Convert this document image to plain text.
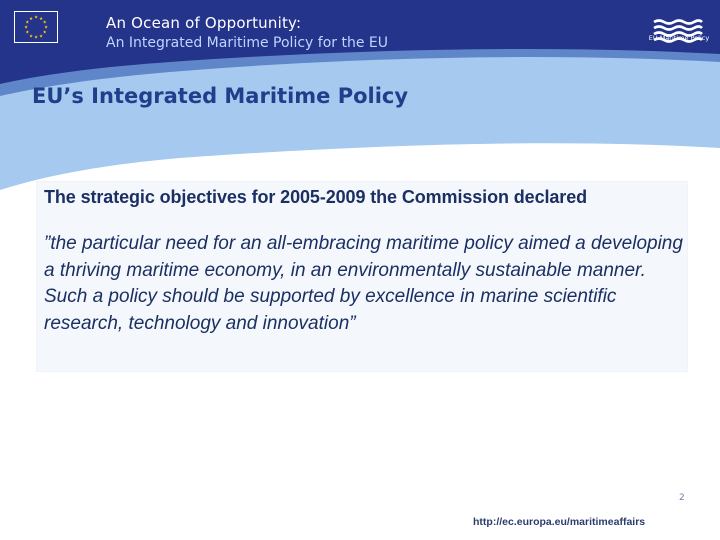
★ ★
★
★
★
★
★
★
★
★
★
★	An Ocean of Opportunity:
An Integrated Maritime Policy for the EU	EU Maritime Policy
EU’s Integrated Maritime Policy
The strategic objectives for 2005-2009 the Commission declared
”the particular need for an all-embracing maritime policy aimed a developing a thriving maritime economy, in an environmentally sustainable manner. Such a policy should be supported by excellence in marine scientific research, technology and innovation”
2
http://ec.europa.eu/maritimeaffairs
